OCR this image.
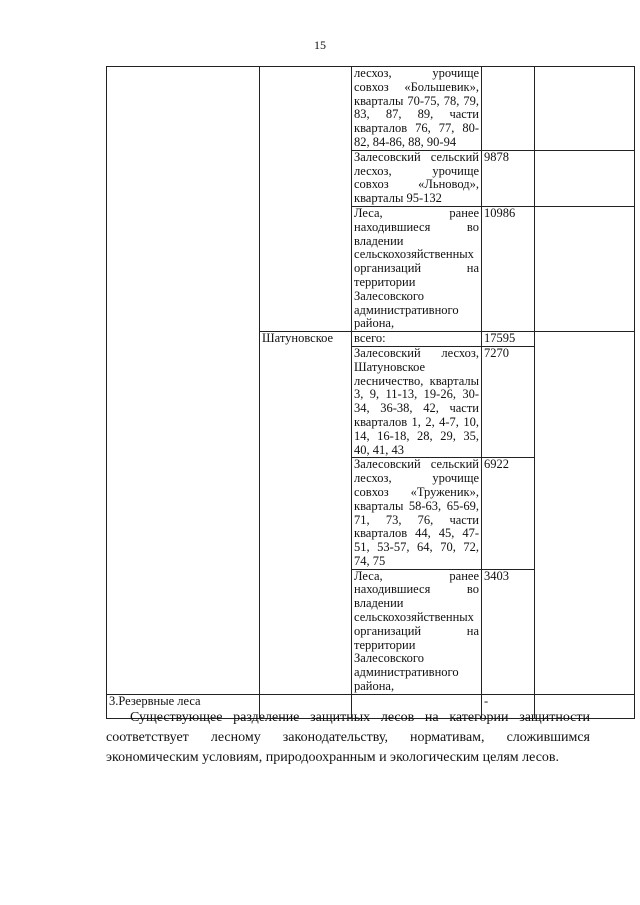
15
		лесхоз, урочище совхоз «Большевик», кварталы 70-75, 78, 79, 83, 87, 89, части кварталов 76, 77, 80-82, 84-86, 88, 90-94		
		Залесовский сельский лесхоз, урочище совхоз «Льновод», кварталы 95-132	9878	
		Леса, ранее находившиеся во владении сельскохозяйственных организаций на территории Залесовского административного района,	10986	
	Шатуновское	всего:	17595	
		Залесовский лесхоз, Шатуновское лесничество, кварталы 3, 9, 11-13, 19-26, 30-34, 36-38, 42, части кварталов 1, 2, 4-7, 10, 14, 16-18, 28, 29, 35, 40, 41, 43	7270	
		Залесовский сельский лесхоз, урочище совхоз «Труженик», кварталы 58-63, 65-69, 71, 73, 76, части кварталов 44, 45, 47-51, 53-57, 64, 70, 72, 74, 75	6922	
		Леса, ранее находившиеся во владении сельскохозяйственных организаций на территории Залесовского административного района,	3403	
3.Резервные леса			-	

Существующее разделение защитных лесов на категории защитности соответствует лесному законодательству, нормативам, сложившимся экономическим условиям, природоохранным и экологическим целям лесов.
